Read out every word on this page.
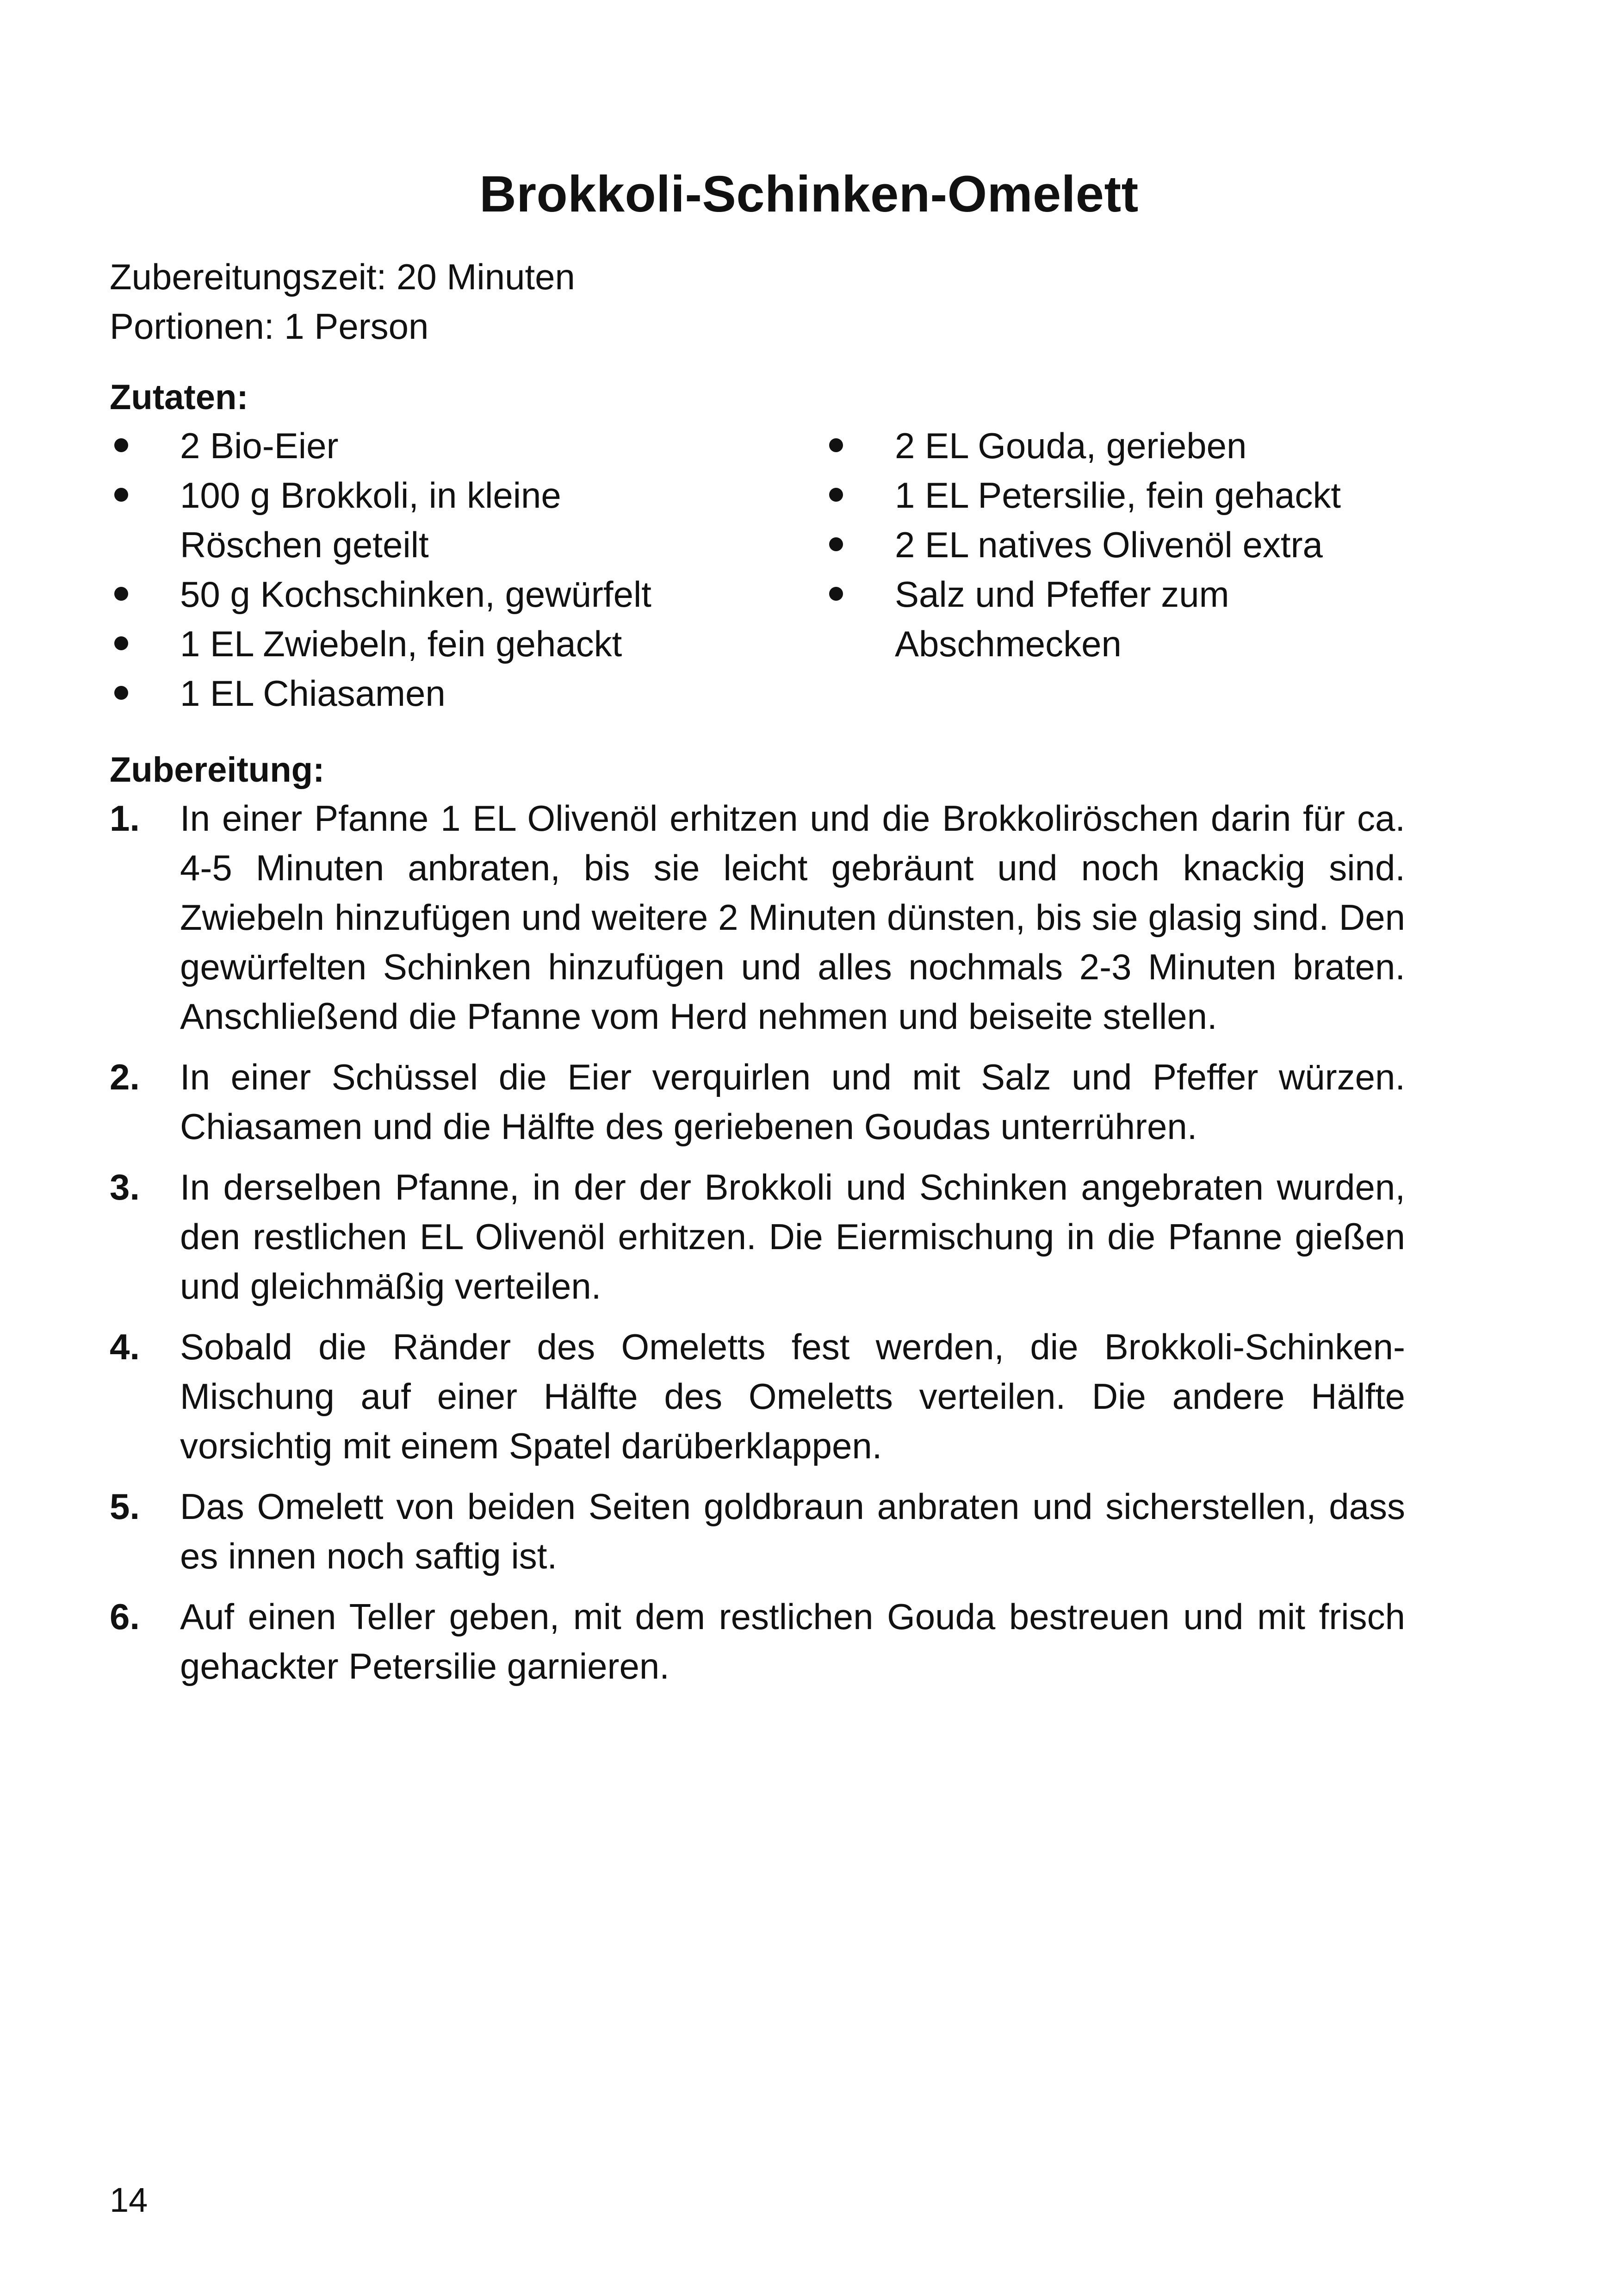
Brokkoli-Schinken-Omelett
Zubereitungszeit: 20 Minuten
Portionen: 1 Person
Zutaten:
2 Bio-Eier
100 g Brokkoli, in kleine Röschen geteilt
50 g Kochschinken, gewürfelt
1 EL Zwiebeln, fein gehackt
1 EL Chiasamen
2 EL Gouda, gerieben
1 EL Petersilie, fein gehackt
2 EL natives Olivenöl extra
Salz und Pfeffer zum Abschmecken
Zubereitung:
1. In einer Pfanne 1 EL Olivenöl erhitzen und die Brokkoliröschen darin für ca. 4-5 Minuten anbraten, bis sie leicht gebräunt und noch knackig sind. Zwiebeln hinzufügen und weitere 2 Minuten dünsten, bis sie glasig sind. Den gewürfelten Schinken hinzufügen und alles nochmals 2-3 Minuten braten. Anschließend die Pfanne vom Herd nehmen und beiseite stellen.
2. In einer Schüssel die Eier verquirlen und mit Salz und Pfeffer würzen. Chiasamen und die Hälfte des geriebenen Goudas unterrühren.
3. In derselben Pfanne, in der der Brokkoli und Schinken angebraten wurden, den restlichen EL Olivenöl erhitzen. Die Eiermischung in die Pfanne gießen und gleichmäßig verteilen.
4. Sobald die Ränder des Omeletts fest werden, die Brokkoli-Schinken-Mischung auf einer Hälfte des Omeletts verteilen. Die andere Hälfte vorsichtig mit einem Spatel darüberklappen.
5. Das Omelett von beiden Seiten goldbraun anbraten und sicherstellen, dass es innen noch saftig ist.
6. Auf einen Teller geben, mit dem restlichen Gouda bestreuen und mit frisch gehackter Petersilie garnieren.
14
